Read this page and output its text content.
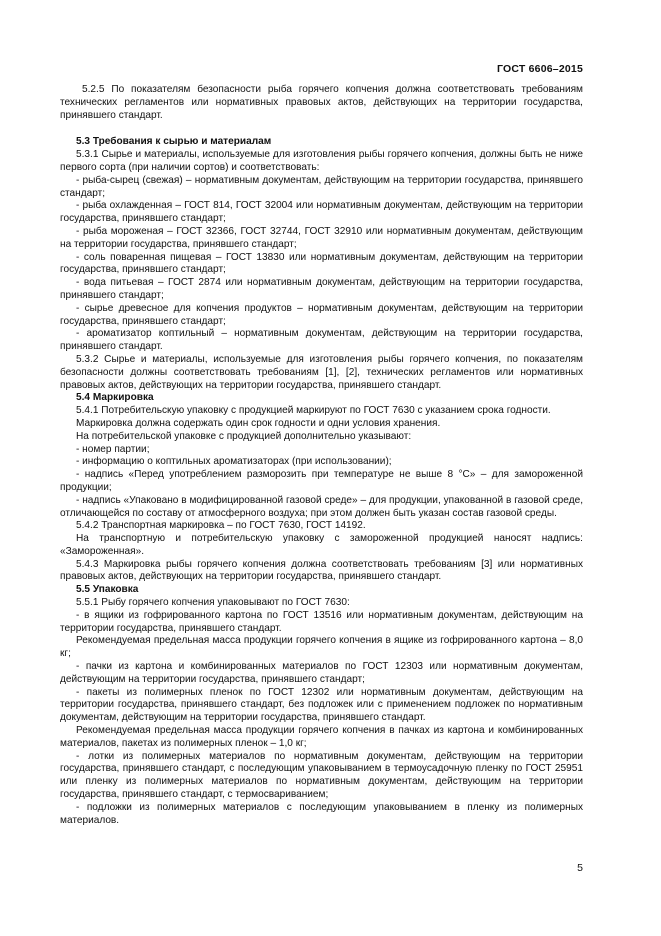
ГОСТ 6606–2015

5.2.5 По показателям безопасности рыба горячего копчения должна соответствовать требованиям технических регламентов или нормативных правовых актов, действующих на территории государства, принявшего стандарт.

5.3 Требования к сырью и материалам

5.3.1 Сырье и материалы, используемые для изготовления рыбы горячего копчения, должны быть не ниже первого сорта (при наличии сортов) и соответствовать:

- рыба-сырец (свежая) – нормативным документам, действующим на территории государства, принявшего стандарт;

- рыба охлажденная – ГОСТ 814, ГОСТ 32004 или нормативным документам, действующим на территории государства, принявшего стандарт;

- рыба мороженая – ГОСТ 32366, ГОСТ 32744, ГОСТ 32910 или нормативным документам, действующим на территории государства, принявшего стандарт;

- соль поваренная пищевая – ГОСТ 13830 или нормативным документам, действующим на территории государства, принявшего стандарт;

- вода питьевая – ГОСТ 2874 или нормативным документам, действующим на территории государства, принявшего стандарт;

- сырье древесное для копчения продуктов – нормативным документам, действующим на территории государства, принявшего стандарт;

- ароматизатор коптильный – нормативным документам, действующим на территории государства, принявшего стандарт.

5.3.2 Сырье и материалы, используемые для изготовления рыбы горячего копчения, по показателям безопасности должны соответствовать требованиям [1], [2], технических регламентов или нормативных правовых актов, действующих на территории государства, принявшего стандарт.

5.4 Маркировка

5.4.1 Потребительскую упаковку с продукцией маркируют по ГОСТ 7630 с указанием срока годности.

Маркировка должна содержать один срок годности и одни условия хранения.

На потребительской упаковке с продукцией дополнительно указывают:

- номер партии;

- информацию о коптильных ароматизаторах (при использовании);

- надпись «Перед употреблением разморозить при температуре не выше 8 °С» – для замороженной продукции;

- надпись «Упаковано в модифицированной газовой среде» – для продукции, упакованной в газовой среде, отличающейся по составу от атмосферного воздуха; при этом должен быть указан состав газовой среды.

5.4.2 Транспортная маркировка – по ГОСТ 7630, ГОСТ 14192.

На транспортную и потребительскую упаковку с замороженной продукцией наносят надпись: «Замороженная».

5.4.3 Маркировка рыбы горячего копчения должна соответствовать требованиям [3] или нормативных правовых актов, действующих на территории государства, принявшего стандарт.

5.5 Упаковка

5.5.1 Рыбу горячего копчения упаковывают по ГОСТ 7630:

- в ящики из гофрированного картона по ГОСТ 13516 или нормативным документам, действующим на территории государства, принявшего стандарт.

Рекомендуемая предельная масса продукции горячего копчения в ящике из гофрированного картона – 8,0 кг;

- пачки из картона и комбинированных материалов по ГОСТ 12303 или нормативным документам, действующим на территории государства, принявшего стандарт;

- пакеты из полимерных пленок по ГОСТ 12302 или нормативным документам, действующим на территории государства, принявшего стандарт, без подложек или с применением подложек по нормативным документам, действующим на территории государства, принявшего стандарт.

Рекомендуемая предельная масса продукции горячего копчения в пачках из картона и комбинированных материалов, пакетах из полимерных пленок – 1,0 кг;

- лотки из полимерных материалов по нормативным документам, действующим на территории государства, принявшего стандарт, с последующим упаковыванием в термоусадочную пленку по ГОСТ 25951 или пленку из полимерных материалов по нормативным документам, действующим на территории государства, принявшего стандарт, с термосвариванием;

- подложки из полимерных материалов с последующим упаковыванием в пленку из полимерных материалов.

5
